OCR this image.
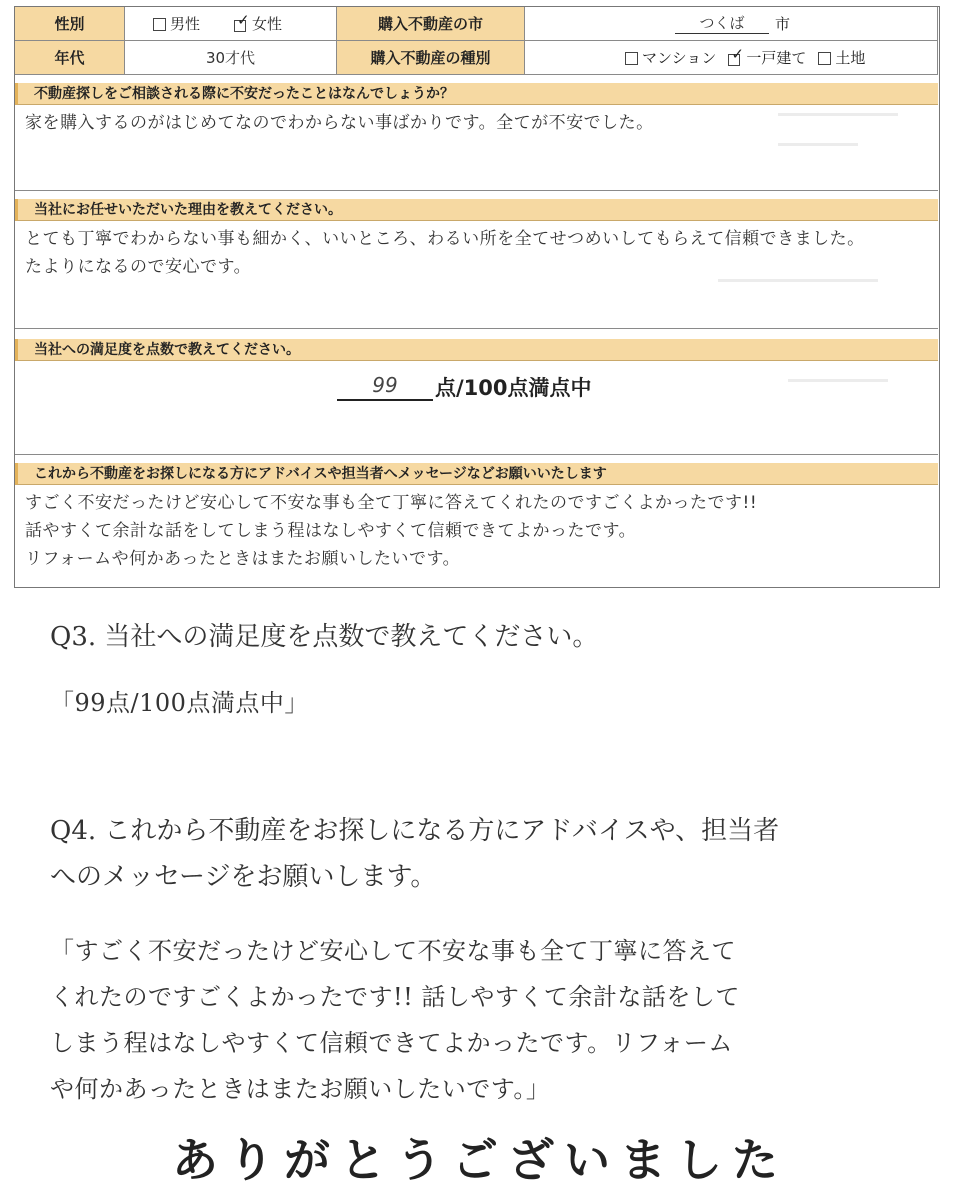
性別	男性 ✓ 女性	購入不動産の市	つくば	市
年代	30才代	購入不動産の種別	マンション ✓ 一戸建て 土地
不動産探しをご相談される際に不安だったことはなんでしょうか？
家を購入するのがはじめてなのでわからない事ばかりです。全てが不安でした。
当社にお任せいただいた理由を教えてください。
とても丁寧でわからない事も細かく、いいところ、わるい所を全てせつめいしてもらえて信頼できました。
たよりになるので安心です。
当社への満足度を点数で教えてください。
99	点/100点満点中
これから不動産をお探しになる方にアドバイスや担当者へメッセージなどお願いいたします
すごく不安だったけど安心して不安な事も全て丁寧に答えてくれたのですごくよかったです!!
話やすくて余計な話をしてしまう程はなしやすくて信頼できてよかったです。
リフォームや何かあったときはまたお願いしたいです。

Q3. 当社への満足度を点数で教えてください。

「99点/100点満点中」

Q4. これから不動産をお探しになる方にアドバイスや、担当者

へのメッセージをお願いします。

「すごく不安だったけど安心して不安な事も全て丁寧に答えて

くれたのですごくよかったです!! 話しやすくて余計な話をして

しまう程はなしやすくて信頼できてよかったです。リフォーム

や何かあったときはまたお願いしたいです。」

ありがとうございました
